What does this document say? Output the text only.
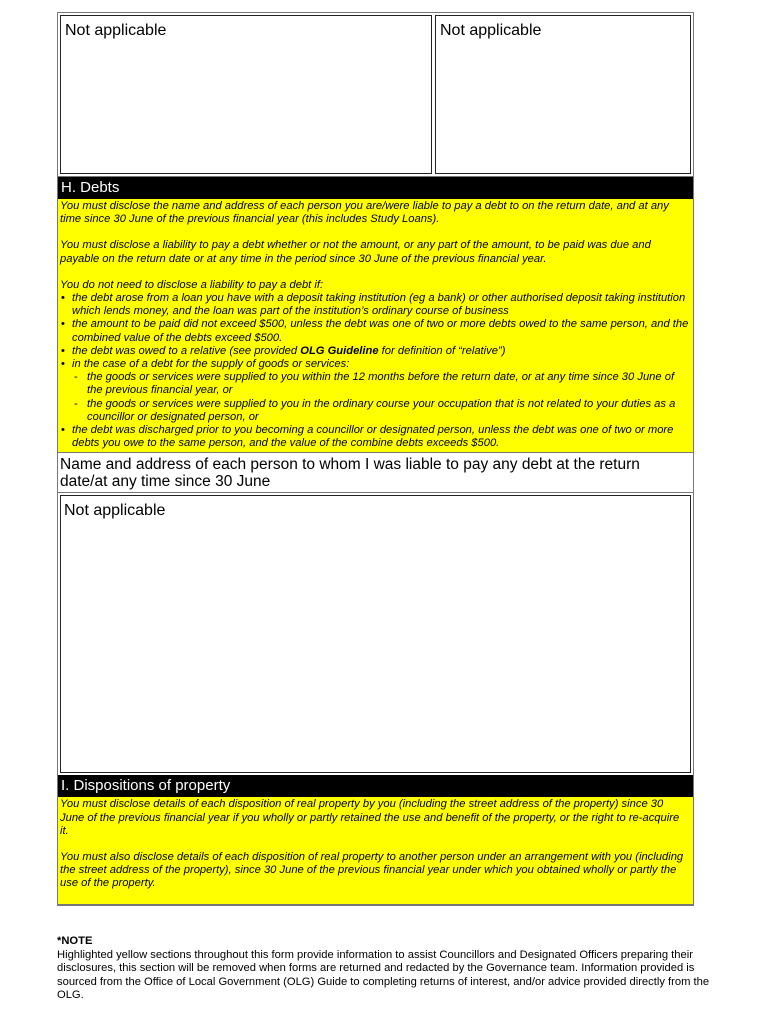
Not applicable	Not applicable
H. Debts

You must disclose the name and address of each person you are/were liable to pay a debt to on the return date, and at any time since 30 June of the previous financial year (this includes Study Loans).

You must disclose a liability to pay a debt whether or not the amount, or any part of the amount, to be paid was due and payable on the return date or at any time in the period since 30 June of the previous financial year.

You do not need to disclose a liability to pay a debt if:

• the debt arose from a loan you have with a deposit taking institution (eg a bank) or other authorised deposit taking institution which lends money, and the loan was part of the institution’s ordinary course of business
• the amount to be paid did not exceed $500, unless the debt was one of two or more debts owed to the same person, and the combined value of the debts exceed $500.
• the debt was owed to a relative (see provided OLG Guideline for definition of “relative”)
• in the case of a debt for the supply of goods or services:
- the goods or services were supplied to you within the 12 months before the return date, or at any time since 30 June of the previous financial year, or
- the goods or services were supplied to you in the ordinary course your occupation that is not related to your duties as a councillor or designated person, or
• the debt was discharged prior to you becoming a councillor or designated person, unless the debt was one of two or more debts you owe to the same person, and the value of the combine debts exceeds $500.
Name and address of each person to whom I was liable to pay any debt at the return date/at any time since 30 June
Not applicable
I. Dispositions of property

You must disclose details of each disposition of real property by you (including the street address of the property) since 30 June of the previous financial year if you wholly or partly retained the use and benefit of the property, or the right to re-acquire it.

You must also disclose details of each disposition of real property to another person under an arrangement with you (including the street address of the property), since 30 June of the previous financial year under which you obtained wholly or partly the use of the property.

*NOTE
Highlighted yellow sections throughout this form provide information to assist Councillors and Designated Officers preparing their disclosures, this section will be removed when forms are returned and redacted by the Governance team. Information provided is sourced from the Office of Local Government (OLG) Guide to completing returns of interest, and/or advice provided directly from the OLG.
